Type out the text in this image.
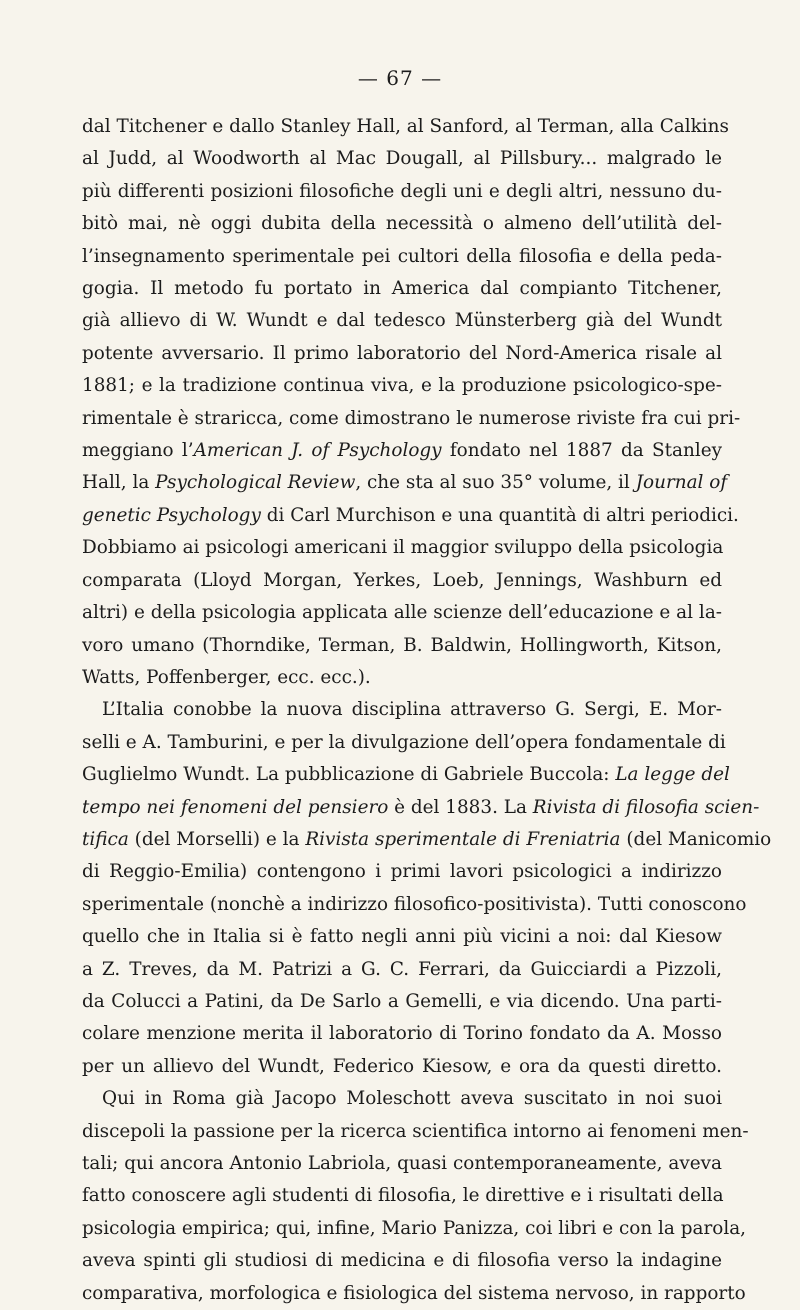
— 67 —
dal Titchener e dallo Stanley Hall, al Sanford, al Terman, alla Calkins
al Judd, al Woodworth al Mac Dougall, al Pillsbury... malgrado le
più differenti posizioni filosofiche degli uni e degli altri, nessuno du-
bitò mai, nè oggi dubita della necessità o almeno dell’utilità del-
l’insegnamento sperimentale pei cultori della filosofia e della peda-
gogia. Il metodo fu portato in America dal compianto Titchener,
già allievo di W. Wundt e dal tedesco Münsterberg già del Wundt
potente avversario. Il primo laboratorio del Nord-America risale al
1881; e la tradizione continua viva, e la produzione psicologico-spe-
rimentale è straricca, come dimostrano le numerose riviste fra cui pri-
meggiano l’American J. of Psychology fondato nel 1887 da Stanley
Hall, la Psychological Review, che sta al suo 35° volume, il Journal of
genetic Psychology di Carl Murchison e una quantità di altri periodici.
Dobbiamo ai psicologi americani il maggior sviluppo della psicologia
comparata (Lloyd Morgan, Yerkes, Loeb, Jennings, Washburn ed
altri) e della psicologia applicata alle scienze dell’educazione e al la-
voro umano (Thorndike, Terman, B. Baldwin, Hollingworth, Kitson,
Watts, Poffenberger, ecc. ecc.).
L’Italia conobbe la nuova disciplina attraverso G. Sergi, E. Mor-
selli e A. Tamburini, e per la divulgazione dell’opera fondamentale di
Guglielmo Wundt. La pubblicazione di Gabriele Buccola: La legge del
tempo nei fenomeni del pensiero è del 1883. La Rivista di filosofia scien-
tifica (del Morselli) e la Rivista sperimentale di Freniatria (del Manicomio
di Reggio-Emilia) contengono i primi lavori psicologici a indirizzo
sperimentale (nonchè a indirizzo filosofico-positivista). Tutti conoscono
quello che in Italia si è fatto negli anni più vicini a noi: dal Kiesow
a Z. Treves, da M. Patrizi a G. C. Ferrari, da Guicciardi a Pizzoli,
da Colucci a Patini, da De Sarlo a Gemelli, e via dicendo. Una parti-
colare menzione merita il laboratorio di Torino fondato da A. Mosso
per un allievo del Wundt, Federico Kiesow, e ora da questi diretto.
Qui in Roma già Jacopo Moleschott aveva suscitato in noi suoi
discepoli la passione per la ricerca scientifica intorno ai fenomeni men-
tali; qui ancora Antonio Labriola, quasi contemporaneamente, aveva
fatto conoscere agli studenti di filosofia, le direttive e i risultati della
psicologia empirica; qui, infine, Mario Panizza, coi libri e con la parola,
aveva spinti gli studiosi di medicina e di filosofia verso la indagine
comparativa, morfologica e fisiologica del sistema nervoso, in rapporto
